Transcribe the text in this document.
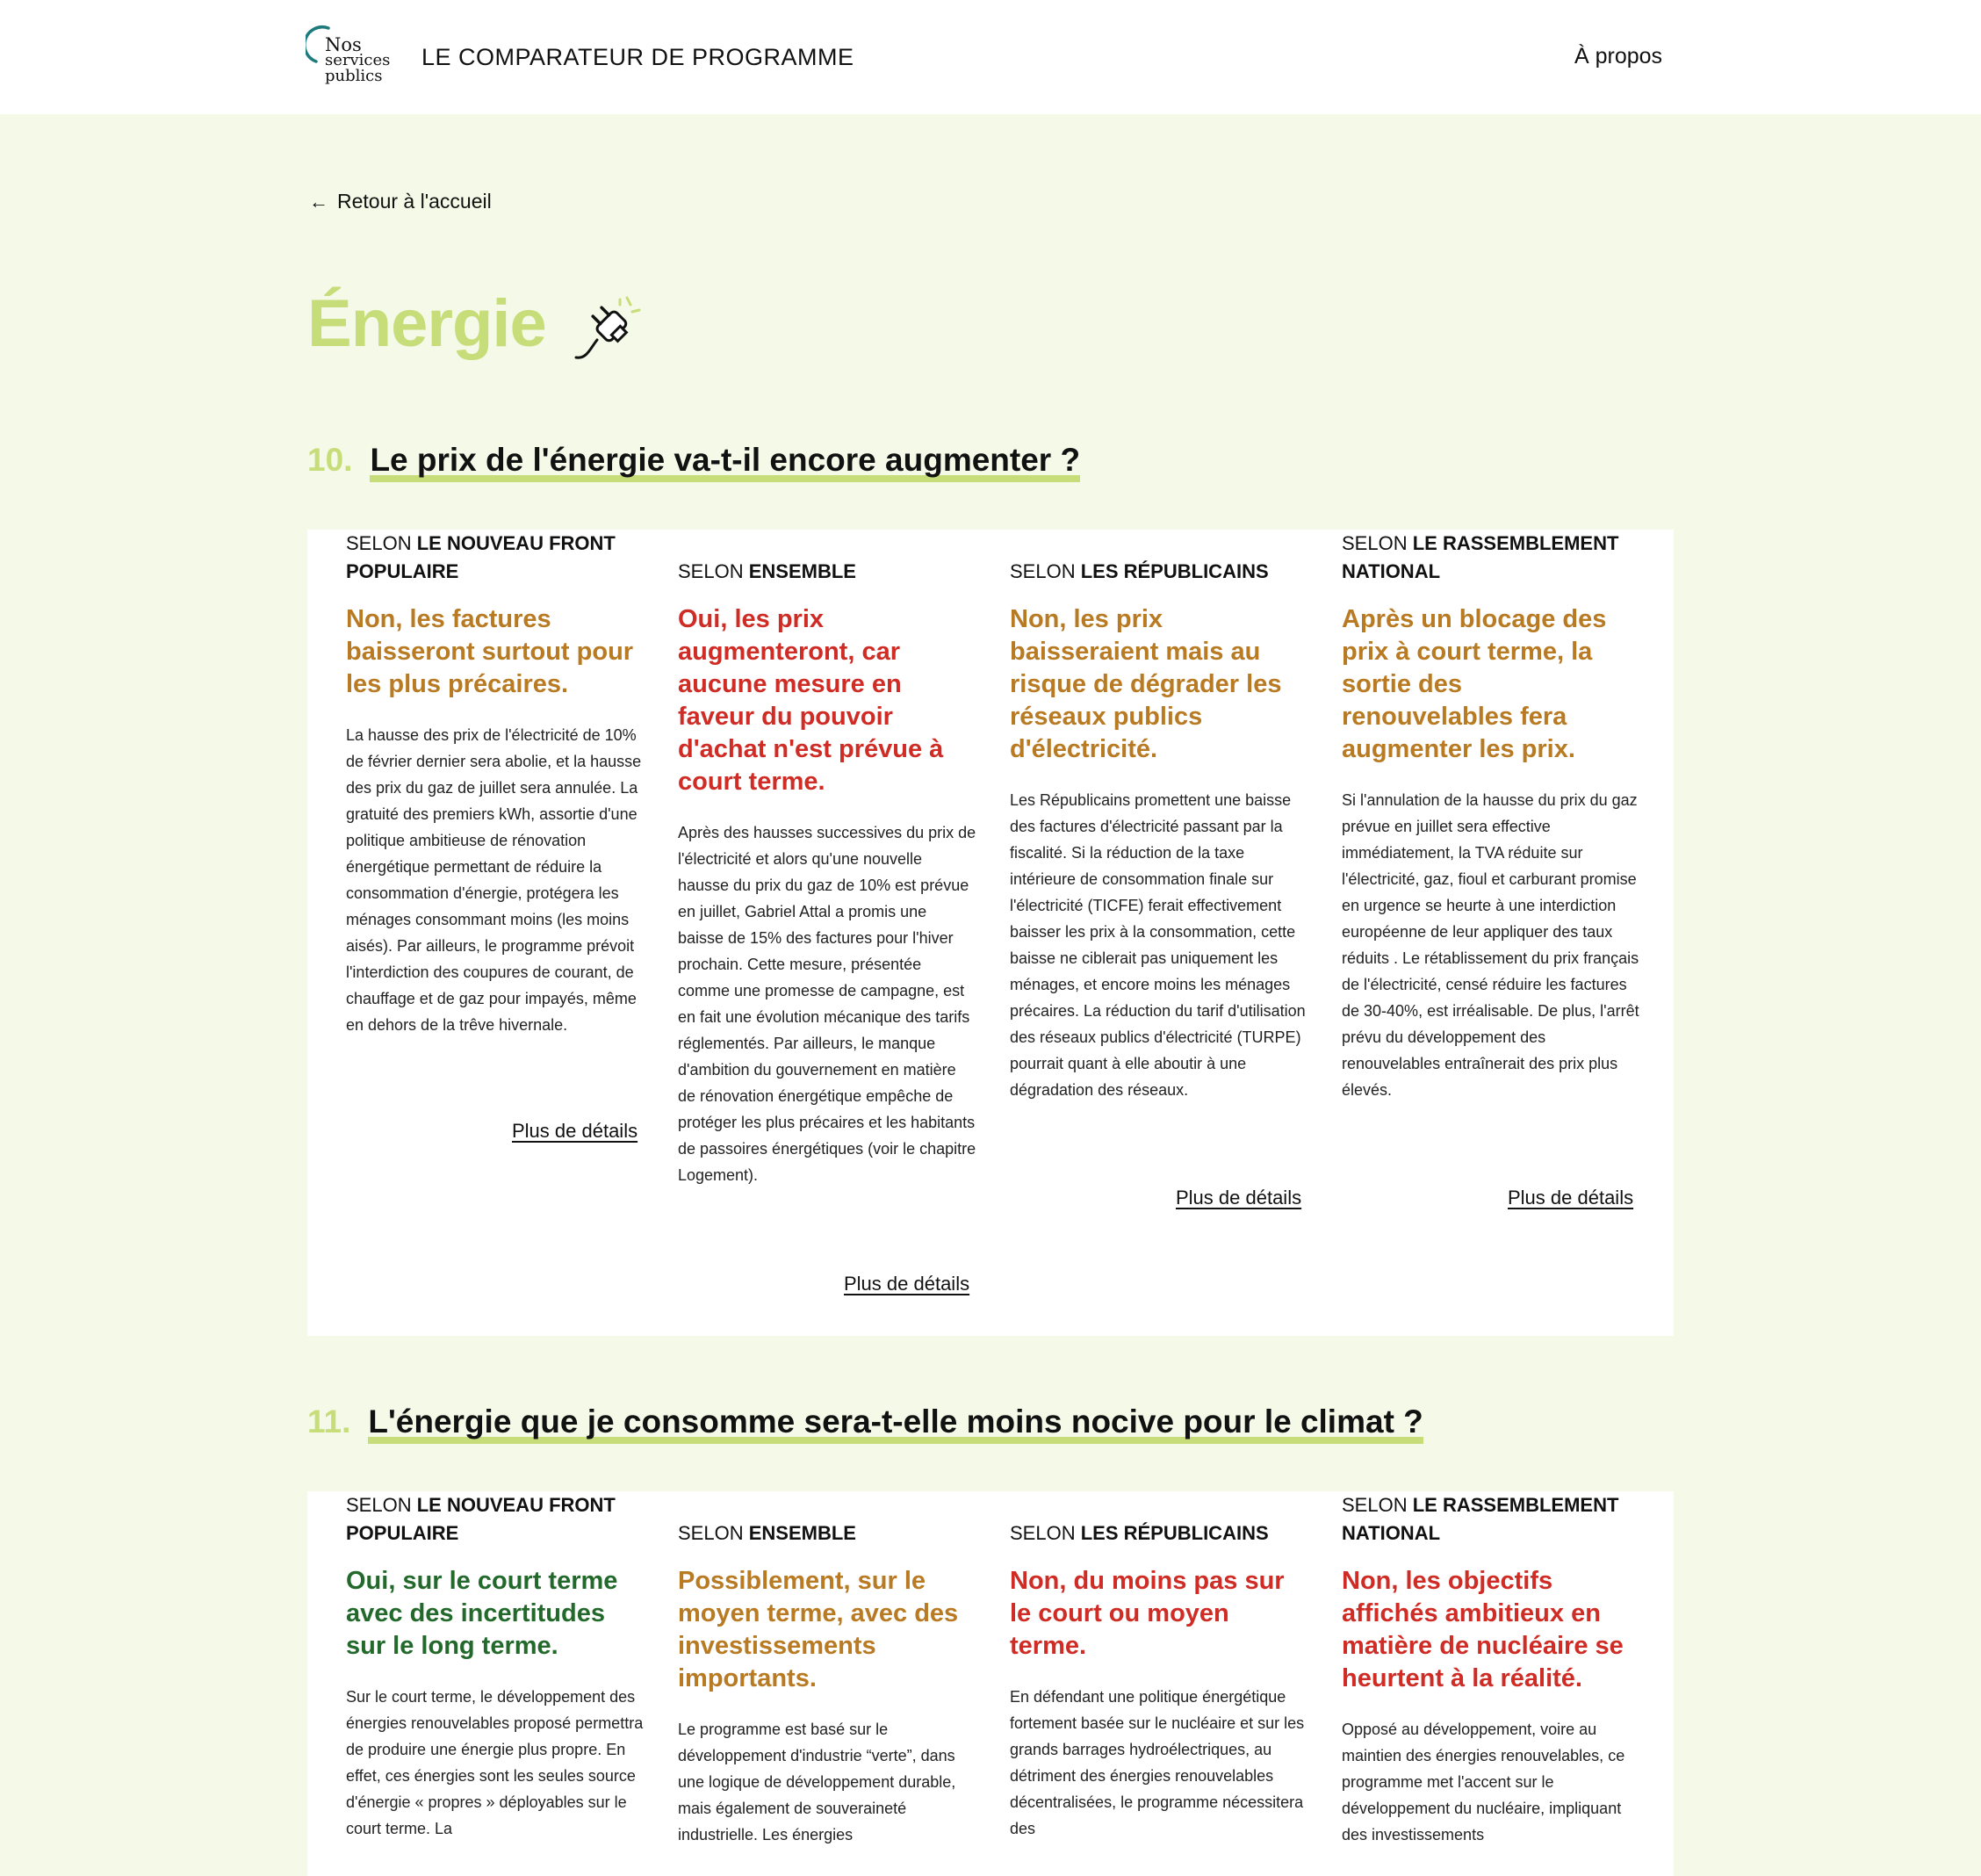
Nos
services
publics
LE COMPARATEUR DE PROGRAMME	À propos
← Retour à l'accueil
Énergie
10. Le prix de l'énergie va-t-il encore augmenter ?
SELON LE NOUVEAU FRONT POPULAIRE
Non, les factures baisseront surtout pour les plus précaires.
La hausse des prix de l'électricité de 10% de février dernier sera abolie, et la hausse des prix du gaz de juillet sera annulée. La gratuité des premiers kWh, assortie d'une politique ambitieuse de rénovation énergétique permettant de réduire la consommation d'énergie, protégera les ménages consommant moins (les moins aisés). Par ailleurs, le programme prévoit l'interdiction des coupures de courant, de chauffage et de gaz pour impayés, même en dehors de la trêve hivernale.
Plus de détails
SELON ENSEMBLE
Oui, les prix augmenteront, car aucune mesure en faveur du pouvoir d'achat n'est prévue à court terme.
Après des hausses successives du prix de l'électricité et alors qu'une nouvelle hausse du prix du gaz de 10% est prévue en juillet, Gabriel Attal a promis une baisse de 15% des factures pour l'hiver prochain. Cette mesure, présentée comme une promesse de campagne, est en fait une évolution mécanique des tarifs réglementés. Par ailleurs, le manque d'ambition du gouvernement en matière de rénovation énergétique empêche de protéger les plus précaires et les habitants de passoires énergétiques (voir le chapitre Logement).
Plus de détails
SELON LES RÉPUBLICAINS
Non, les prix baisseraient mais au risque de dégrader les réseaux publics d'électricité.
Les Républicains promettent une baisse des factures d'électricité passant par la fiscalité. Si la réduction de la taxe intérieure de consommation finale sur l'électricité (TICFE) ferait effectivement baisser les prix à la consommation, cette baisse ne ciblerait pas uniquement les ménages, et encore moins les ménages précaires. La réduction du tarif d'utilisation des réseaux publics d'électricité (TURPE) pourrait quant à elle aboutir à une dégradation des réseaux.
Plus de détails
SELON LE RASSEMBLEMENT NATIONAL
Après un blocage des prix à court terme, la sortie des renouvelables fera augmenter les prix.
Si l'annulation de la hausse du prix du gaz prévue en juillet sera effective immédiatement, la TVA réduite sur l'électricité, gaz, fioul et carburant promise en urgence se heurte à une interdiction européenne de leur appliquer des taux réduits . Le rétablissement du prix français de l'électricité, censé réduire les factures de 30-40%, est irréalisable. De plus, l'arrêt prévu du développement des renouvelables entraînerait des prix plus élevés.
Plus de détails
11. L'énergie que je consomme sera-t-elle moins nocive pour le climat ?
SELON LE NOUVEAU FRONT POPULAIRE
Oui, sur le court terme avec des incertitudes sur le long terme.
Sur le court terme, le développement des énergies renouvelables proposé permettra de produire une énergie plus propre. En effet, ces énergies sont les seules source d'énergie « propres » déployables sur le court terme. La
SELON ENSEMBLE
Possiblement, sur le moyen terme, avec des investissements importants.
Le programme est basé sur le développement d'industrie “verte”, dans une logique de développement durable, mais également de souveraineté industrielle. Les énergies
SELON LES RÉPUBLICAINS
Non, du moins pas sur le court ou moyen terme.
En défendant une politique énergétique fortement basée sur le nucléaire et sur les grands barrages hydroélectriques, au détriment des énergies renouvelables décentralisées, le programme nécessitera des
SELON LE RASSEMBLEMENT NATIONAL
Non, les objectifs affichés ambitieux en matière de nucléaire se heurtent à la réalité.
Opposé au développement, voire au maintien des énergies renouvelables, ce programme met l'accent sur le développement du nucléaire, impliquant des investissements
